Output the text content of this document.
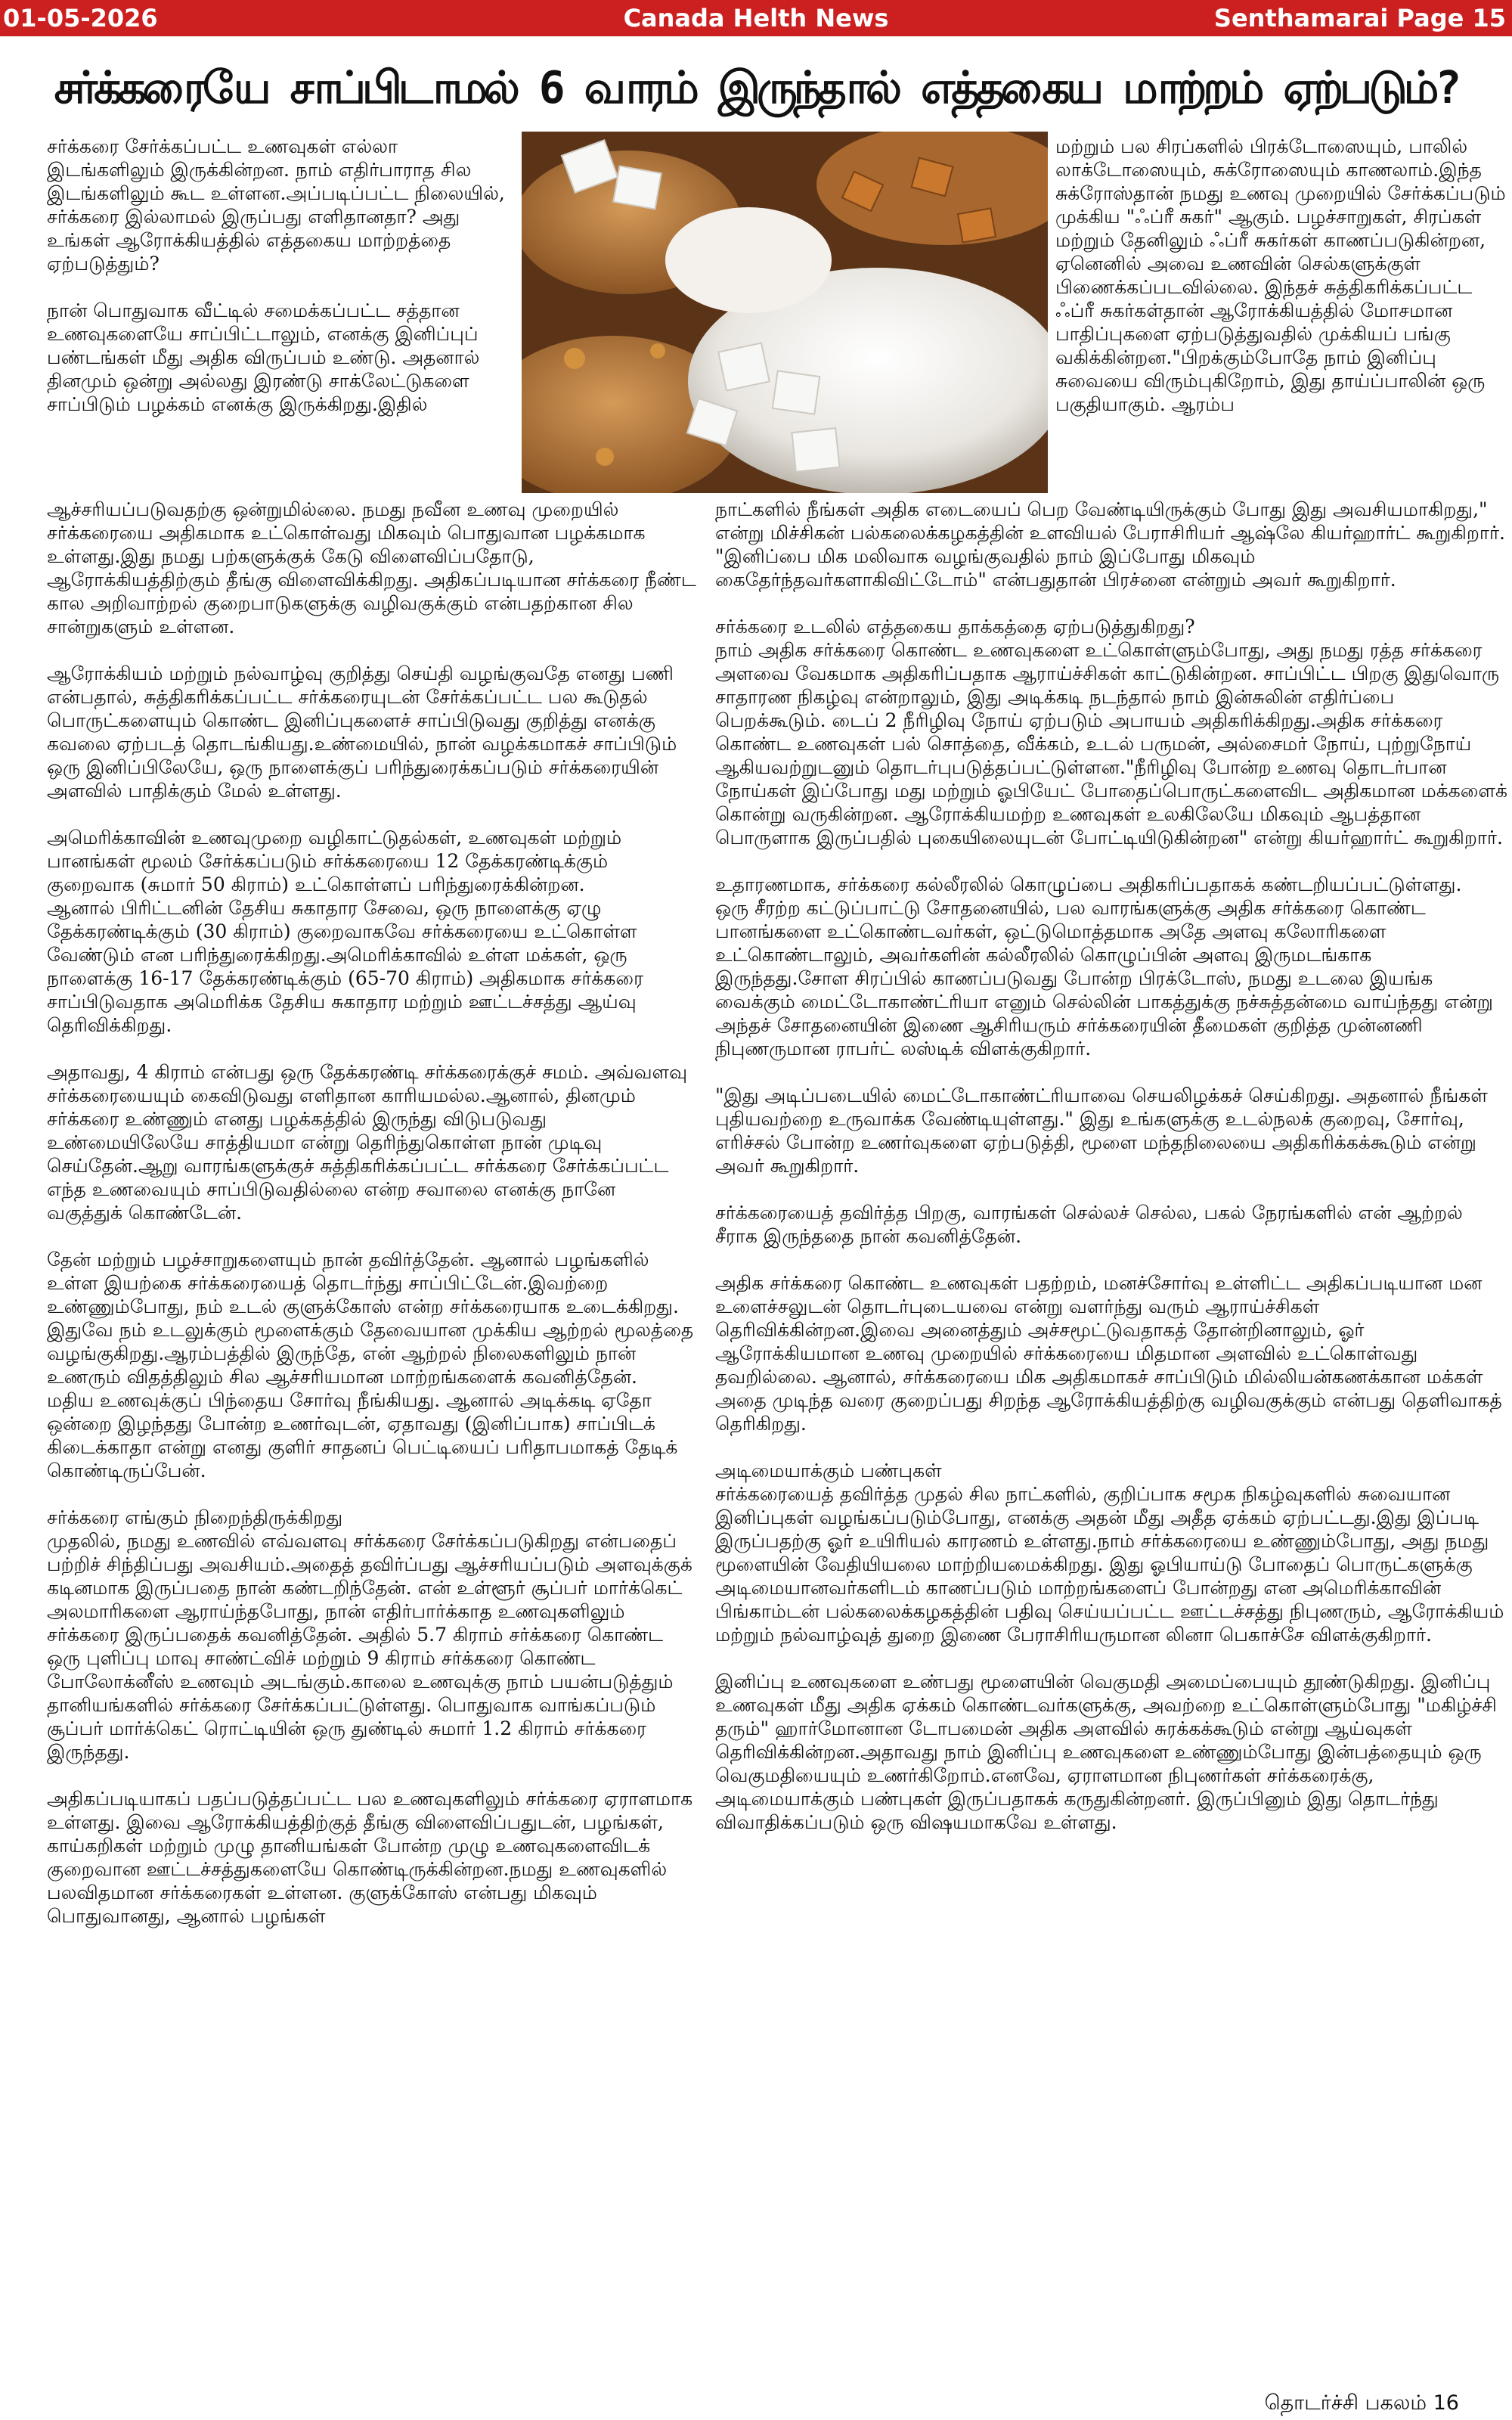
01-05-2026	Canada Helth News	Senthamarai Page 15
சர்க்கரையே சாப்பிடாமல் 6 வாரம் இருந்தால் எத்தகைய மாற்றம் ஏற்படும்?

சர்க்கரை சேர்க்கப்பட்ட உணவுகள் எல்லா இடங்களிலும் இருக்கின்றன. நாம் எதிர்பாராத சில இடங்களிலும் கூட உள்ளன.அப்படிப்பட்ட நிலையில், சர்க்கரை இல்லாமல் இருப்பது எளிதானதா? அது உங்கள் ஆரோக்கியத்தில் எத்தகைய மாற்றத்தை ஏற்படுத்தும்?

நான் பொதுவாக வீட்டில் சமைக்கப்பட்ட சத்தான உணவுகளையே சாப்பிட்டாலும், எனக்கு இனிப்புப் பண்டங்கள் மீது அதிக விருப்பம் உண்டு. அதனால் தினமும் ஒன்று அல்லது இரண்டு சாக்லேட்டுகளை சாப்பிடும் பழக்கம் எனக்கு இருக்கிறது.இதில்

ஆச்சரியப்படுவதற்கு ஒன்றுமில்லை. நமது நவீன உணவு முறையில் சர்க்கரையை அதிகமாக உட்கொள்வது மிகவும் பொதுவான பழக்கமாக உள்ளது.இது நமது பற்களுக்குக் கேடு விளைவிப்பதோடு, ஆரோக்கியத்திற்கும் தீங்கு விளைவிக்கிறது. அதிகப்படியான சர்க்கரை நீண்ட கால அறிவாற்றல் குறைபாடுகளுக்கு வழிவகுக்கும் என்பதற்கான சில சான்றுகளும் உள்ளன.

ஆரோக்கியம் மற்றும் நல்வாழ்வு குறித்து செய்தி வழங்குவதே எனது பணி என்பதால், சுத்திகரிக்கப்பட்ட சர்க்கரையுடன் சேர்க்கப்பட்ட பல கூடுதல் பொருட்களையும் கொண்ட இனிப்புகளைச் சாப்பிடுவது குறித்து எனக்கு கவலை ஏற்படத் தொடங்கியது.உண்மையில், நான் வழக்கமாகச் சாப்பிடும் ஒரு இனிப்பிலேயே, ஒரு நாளைக்குப் பரிந்துரைக்கப்படும் சர்க்கரையின் அளவில் பாதிக்கும் மேல் உள்ளது.

அமெரிக்காவின் உணவுமுறை வழிகாட்டுதல்கள், உணவுகள் மற்றும் பானங்கள் மூலம் சேர்க்கப்படும் சர்க்கரையை 12 தேக்கரண்டிக்கும் குறைவாக (சுமார் 50 கிராம்) உட்கொள்ளப் பரிந்துரைக்கின்றன.

ஆனால் பிரிட்டனின் தேசிய சுகாதார சேவை, ஒரு நாளைக்கு ஏழு தேக்கரண்டிக்கும் (30 கிராம்) குறைவாகவே சர்க்கரையை உட்கொள்ள வேண்டும் என பரிந்துரைக்கிறது.அமெரிக்காவில் உள்ள மக்கள், ஒரு நாளைக்கு 16-17 தேக்கரண்டிக்கும் (65-70 கிராம்) அதிகமாக சர்க்கரை சாப்பிடுவதாக அமெரிக்க தேசிய சுகாதார மற்றும் ஊட்டச்சத்து ஆய்வு தெரிவிக்கிறது.

அதாவது, 4 கிராம் என்பது ஒரு தேக்கரண்டி சர்க்கரைக்குச் சமம். அவ்வளவு சர்க்கரையையும் கைவிடுவது எளிதான காரியமல்ல.ஆனால், தினமும் சர்க்கரை உண்ணும் எனது பழக்கத்தில் இருந்து விடுபடுவது உண்மையிலேயே சாத்தியமா என்று தெரிந்துகொள்ள நான் முடிவு செய்தேன்.ஆறு வாரங்களுக்குச் சுத்திகரிக்கப்பட்ட சர்க்கரை சேர்க்கப்பட்ட எந்த உணவையும் சாப்பிடுவதில்லை என்ற சவாலை எனக்கு நானே வகுத்துக் கொண்டேன்.

தேன் மற்றும் பழச்சாறுகளையும் நான் தவிர்த்தேன். ஆனால் பழங்களில் உள்ள இயற்கை சர்க்கரையைத் தொடர்ந்து சாப்பிட்டேன்.இவற்றை உண்ணும்போது, நம் உடல் குளுக்கோஸ் என்ற சர்க்கரையாக உடைக்கிறது. இதுவே நம் உடலுக்கும் மூளைக்கும் தேவையான முக்கிய ஆற்றல் மூலத்தை வழங்குகிறது.ஆரம்பத்தில் இருந்தே, என் ஆற்றல் நிலைகளிலும் நான் உணரும் விதத்திலும் சில ஆச்சரியமான மாற்றங்களைக் கவனித்தேன்.

மதிய உணவுக்குப் பிந்தைய சோர்வு நீங்கியது. ஆனால் அடிக்கடி ஏதோ ஒன்றை இழந்தது போன்ற உணர்வுடன், ஏதாவது (இனிப்பாக) சாப்பிடக் கிடைக்காதா என்று எனது குளிர் சாதனப் பெட்டியைப் பரிதாபமாகத் தேடிக் கொண்டிருப்பேன்.

சர்க்கரை எங்கும் நிறைந்திருக்கிறது

முதலில், நமது உணவில் எவ்வளவு சர்க்கரை சேர்க்கப்படுகிறது என்பதைப் பற்றிச் சிந்திப்பது அவசியம்.அதைத் தவிர்ப்பது ஆச்சரியப்படும் அளவுக்குக் கடினமாக இருப்பதை நான் கண்டறிந்தேன். என் உள்ளூர் சூப்பர் மார்க்கெட் அலமாரிகளை ஆராய்ந்தபோது, நான் எதிர்பார்க்காத உணவுகளிலும் சர்க்கரை இருப்பதைக் கவனித்தேன். அதில் 5.7 கிராம் சர்க்கரை கொண்ட ஒரு புளிப்பு மாவு சாண்ட்விச் மற்றும் 9 கிராம் சர்க்கரை கொண்ட போலோக்னீஸ் உணவும் அடங்கும்.காலை உணவுக்கு நாம் பயன்படுத்தும் தானியங்களில் சர்க்கரை சேர்க்கப்பட்டுள்ளது. பொதுவாக வாங்கப்படும் சூப்பர் மார்க்கெட் ரொட்டியின் ஒரு துண்டில் சுமார் 1.2 கிராம் சர்க்கரை இருந்தது.

அதிகப்படியாகப் பதப்படுத்தப்பட்ட பல உணவுகளிலும் சர்க்கரை ஏராளமாக உள்ளது. இவை ஆரோக்கியத்திற்குத் தீங்கு விளைவிப்பதுடன், பழங்கள், காய்கறிகள் மற்றும் முழு தானியங்கள் போன்ற முழு உணவுகளைவிடக் குறைவான ஊட்டச்சத்துகளையே கொண்டிருக்கின்றன.நமது உணவுகளில் பலவிதமான சர்க்கரைகள் உள்ளன. குளுக்கோஸ் என்பது மிகவும் பொதுவானது, ஆனால் பழங்கள்

மற்றும் பல சிரப்களில் பிரக்டோஸையும், பாலில் லாக்டோஸையும், சுக்ரோஸையும் காணலாம்.இந்த சுக்ரோஸ்தான் நமது உணவு முறையில் சேர்க்கப்படும் முக்கிய "ஃப்ரீ சுகர்" ஆகும். பழச்சாறுகள், சிரப்கள் மற்றும் தேனிலும் ஃப்ரீ சுகர்கள் காணப்படுகின்றன, ஏனெனில் அவை உணவின் செல்களுக்குள் பிணைக்கப்படவில்லை. இந்தச் சுத்திகரிக்கப்பட்ட ஃப்ரீ சுகர்கள்தான் ஆரோக்கியத்தில் மோசமான பாதிப்புகளை ஏற்படுத்துவதில் முக்கியப் பங்கு வகிக்கின்றன."பிறக்கும்போதே நாம் இனிப்பு சுவையை விரும்புகிறோம், இது தாய்ப்பாலின் ஒரு பகுதியாகும். ஆரம்ப

நாட்களில் நீங்கள் அதிக எடையைப் பெற வேண்டியிருக்கும் போது இது அவசியமாகிறது," என்று மிச்சிகன் பல்கலைக்கழகத்தின் உளவியல் பேராசிரியர் ஆஷ்லே கியர்ஹார்ட் கூறுகிறார். "இனிப்பை மிக மலிவாக வழங்குவதில் நாம் இப்போது மிகவும் கைதேர்ந்தவர்களாகிவிட்டோம்" என்பதுதான் பிரச்னை என்றும் அவர் கூறுகிறார்.

சர்க்கரை உடலில் எத்தகைய தாக்கத்தை ஏற்படுத்துகிறது?

நாம் அதிக சர்க்கரை கொண்ட உணவுகளை உட்கொள்ளும்போது, அது நமது ரத்த சர்க்கரை அளவை வேகமாக அதிகரிப்பதாக ஆராய்ச்சிகள் காட்டுகின்றன. சாப்பிட்ட பிறகு இதுவொரு சாதாரண நிகழ்வு என்றாலும், இது அடிக்கடி நடந்தால் நாம் இன்சுலின் எதிர்ப்பை பெறக்கூடும். டைப் 2 நீரிழிவு நோய் ஏற்படும் அபாயம் அதிகரிக்கிறது.அதிக சர்க்கரை கொண்ட உணவுகள் பல் சொத்தை, வீக்கம், உடல் பருமன், அல்சைமர் நோய், புற்றுநோய் ஆகியவற்றுடனும் தொடர்புபடுத்தப்பட்டுள்ளன."நீரிழிவு போன்ற உணவு தொடர்பான நோய்கள் இப்போது மது மற்றும் ஓபியேட் போதைப்பொருட்களைவிட அதிகமான மக்களைக் கொன்று வருகின்றன. ஆரோக்கியமற்ற உணவுகள் உலகிலேயே மிகவும் ஆபத்தான பொருளாக இருப்பதில் புகையிலையுடன் போட்டியிடுகின்றன" என்று கியர்ஹார்ட் கூறுகிறார்.

உதாரணமாக, சர்க்கரை கல்லீரலில் கொழுப்பை அதிகரிப்பதாகக் கண்டறியப்பட்டுள்ளது.

ஒரு சீரற்ற கட்டுப்பாட்டு சோதனையில், பல வாரங்களுக்கு அதிக சர்க்கரை கொண்ட பானங்களை உட்கொண்டவர்கள், ஒட்டுமொத்தமாக அதே அளவு கலோரிகளை உட்கொண்டாலும், அவர்களின் கல்லீரலில் கொழுப்பின் அளவு இருமடங்காக இருந்தது.சோள சிரப்பில் காணப்படுவது போன்ற பிரக்டோஸ், நமது உடலை இயங்க வைக்கும் மைட்டோகாண்ட்ரியா எனும் செல்லின் பாகத்துக்கு நச்சுத்தன்மை வாய்ந்தது என்று அந்தச் சோதனையின் இணை ஆசிரியரும் சர்க்கரையின் தீமைகள் குறித்த முன்னணி நிபுணருமான ராபர்ட் லஸ்டிக் விளக்குகிறார்.

"இது அடிப்படையில் மைட்டோகாண்ட்ரியாவை செயலிழக்கச் செய்கிறது. அதனால் நீங்கள் புதியவற்றை உருவாக்க வேண்டியுள்ளது." இது உங்களுக்கு உடல்நலக் குறைவு, சோர்வு, எரிச்சல் போன்ற உணர்வுகளை ஏற்படுத்தி, மூளை மந்தநிலையை அதிகரிக்கக்கூடும் என்று அவர் கூறுகிறார்.

சர்க்கரையைத் தவிர்த்த பிறகு, வாரங்கள் செல்லச் செல்ல, பகல் நேரங்களில் என் ஆற்றல் சீராக இருந்ததை நான் கவனித்தேன்.

அதிக சர்க்கரை கொண்ட உணவுகள் பதற்றம், மனச்சோர்வு உள்ளிட்ட அதிகப்படியான மன உளைச்சலுடன் தொடர்புடையவை என்று வளர்ந்து வரும் ஆராய்ச்சிகள் தெரிவிக்கின்றன.இவை அனைத்தும் அச்சமூட்டுவதாகத் தோன்றினாலும், ஓர் ஆரோக்கியமான உணவு முறையில் சர்க்கரையை மிதமான அளவில் உட்கொள்வது தவறில்லை. ஆனால், சர்க்கரையை மிக அதிகமாகச் சாப்பிடும் மில்லியன்கணக்கான மக்கள் அதை முடிந்த வரை குறைப்பது சிறந்த ஆரோக்கியத்திற்கு வழிவகுக்கும் என்பது தெளிவாகத் தெரிகிறது.

அடிமையாக்கும் பண்புகள்

சர்க்கரையைத் தவிர்த்த முதல் சில நாட்களில், குறிப்பாக சமூக நிகழ்வுகளில் சுவையான இனிப்புகள் வழங்கப்படும்போது, எனக்கு அதன் மீது அதீத ஏக்கம் ஏற்பட்டது.இது இப்படி இருப்பதற்கு ஓர் உயிரியல் காரணம் உள்ளது.நாம் சர்க்கரையை உண்ணும்போது, அது நமது மூளையின் வேதியியலை மாற்றியமைக்கிறது. இது ஓபியாய்டு போதைப் பொருட்களுக்கு அடிமையானவர்களிடம் காணப்படும் மாற்றங்களைப் போன்றது என அமெரிக்காவின் பிங்காம்டன் பல்கலைக்கழகத்தின் பதிவு செய்யப்பட்ட ஊட்டச்சத்து நிபுணரும், ஆரோக்கியம் மற்றும் நல்வாழ்வுத் துறை இணை பேராசிரியருமான லினா பெகாச்சே விளக்குகிறார்.

இனிப்பு உணவுகளை உண்பது மூளையின் வெகுமதி அமைப்பையும் தூண்டுகிறது. இனிப்பு உணவுகள் மீது அதிக ஏக்கம் கொண்டவர்களுக்கு, அவற்றை உட்கொள்ளும்போது "மகிழ்ச்சி தரும்" ஹார்மோனான டோபமைன் அதிக அளவில் சுரக்கக்கூடும் என்று ஆய்வுகள் தெரிவிக்கின்றன.அதாவது நாம் இனிப்பு உணவுகளை உண்ணும்போது இன்பத்தையும் ஒரு வெகுமதியையும் உணர்கிறோம்.எனவே, ஏராளமான நிபுணர்கள் சர்க்கரைக்கு, அடிமையாக்கும் பண்புகள் இருப்பதாகக் கருதுகின்றனர். இருப்பினும் இது தொடர்ந்து விவாதிக்கப்படும் ஒரு விஷயமாகவே உள்ளது.

தொடர்ச்சி பகலம் 16
